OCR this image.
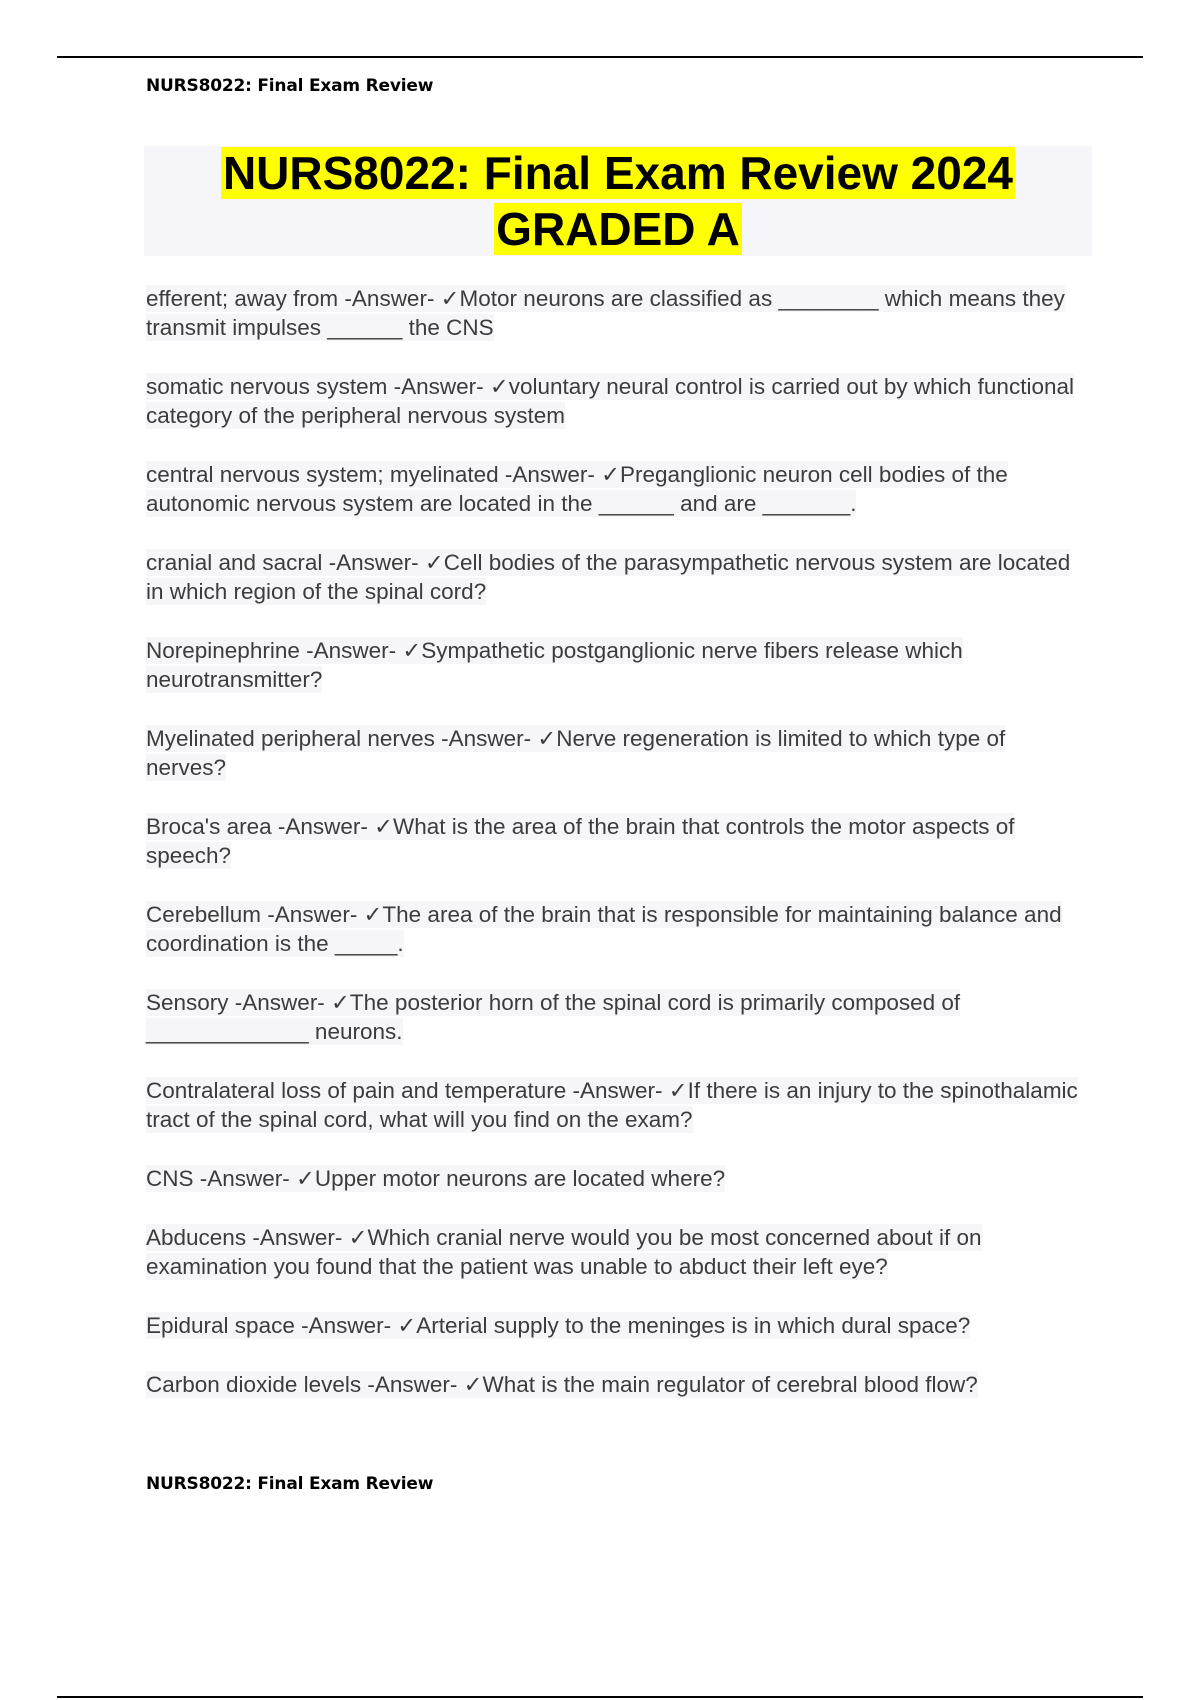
NURS8022: Final Exam Review
NURS8022: Final Exam Review 2024
GRADED A
efferent; away from -Answer- ✓Motor neurons are classified as ________ which means they transmit impulses ______ the CNS
somatic nervous system -Answer- ✓voluntary neural control is carried out by which functional category of the peripheral nervous system
central nervous system; myelinated -Answer- ✓Preganglionic neuron cell bodies of the autonomic nervous system are located in the ______ and are _______.
cranial and sacral -Answer- ✓Cell bodies of the parasympathetic nervous system are located in which region of the spinal cord?
Norepinephrine -Answer- ✓Sympathetic postganglionic nerve fibers release which neurotransmitter?
Myelinated peripheral nerves -Answer- ✓Nerve regeneration is limited to which type of nerves?
Broca's area -Answer- ✓What is the area of the brain that controls the motor aspects of speech?
Cerebellum -Answer- ✓The area of the brain that is responsible for maintaining balance and coordination is the _____.
Sensory -Answer- ✓The posterior horn of the spinal cord is primarily composed of _____________ neurons.
Contralateral loss of pain and temperature -Answer- ✓If there is an injury to the spinothalamic tract of the spinal cord, what will you find on the exam?
CNS -Answer- ✓Upper motor neurons are located where?
Abducens -Answer- ✓Which cranial nerve would you be most concerned about if on examination you found that the patient was unable to abduct their left eye?
Epidural space -Answer- ✓Arterial supply to the meninges is in which dural space?
Carbon dioxide levels -Answer- ✓What is the main regulator of cerebral blood flow?
NURS8022: Final Exam Review
